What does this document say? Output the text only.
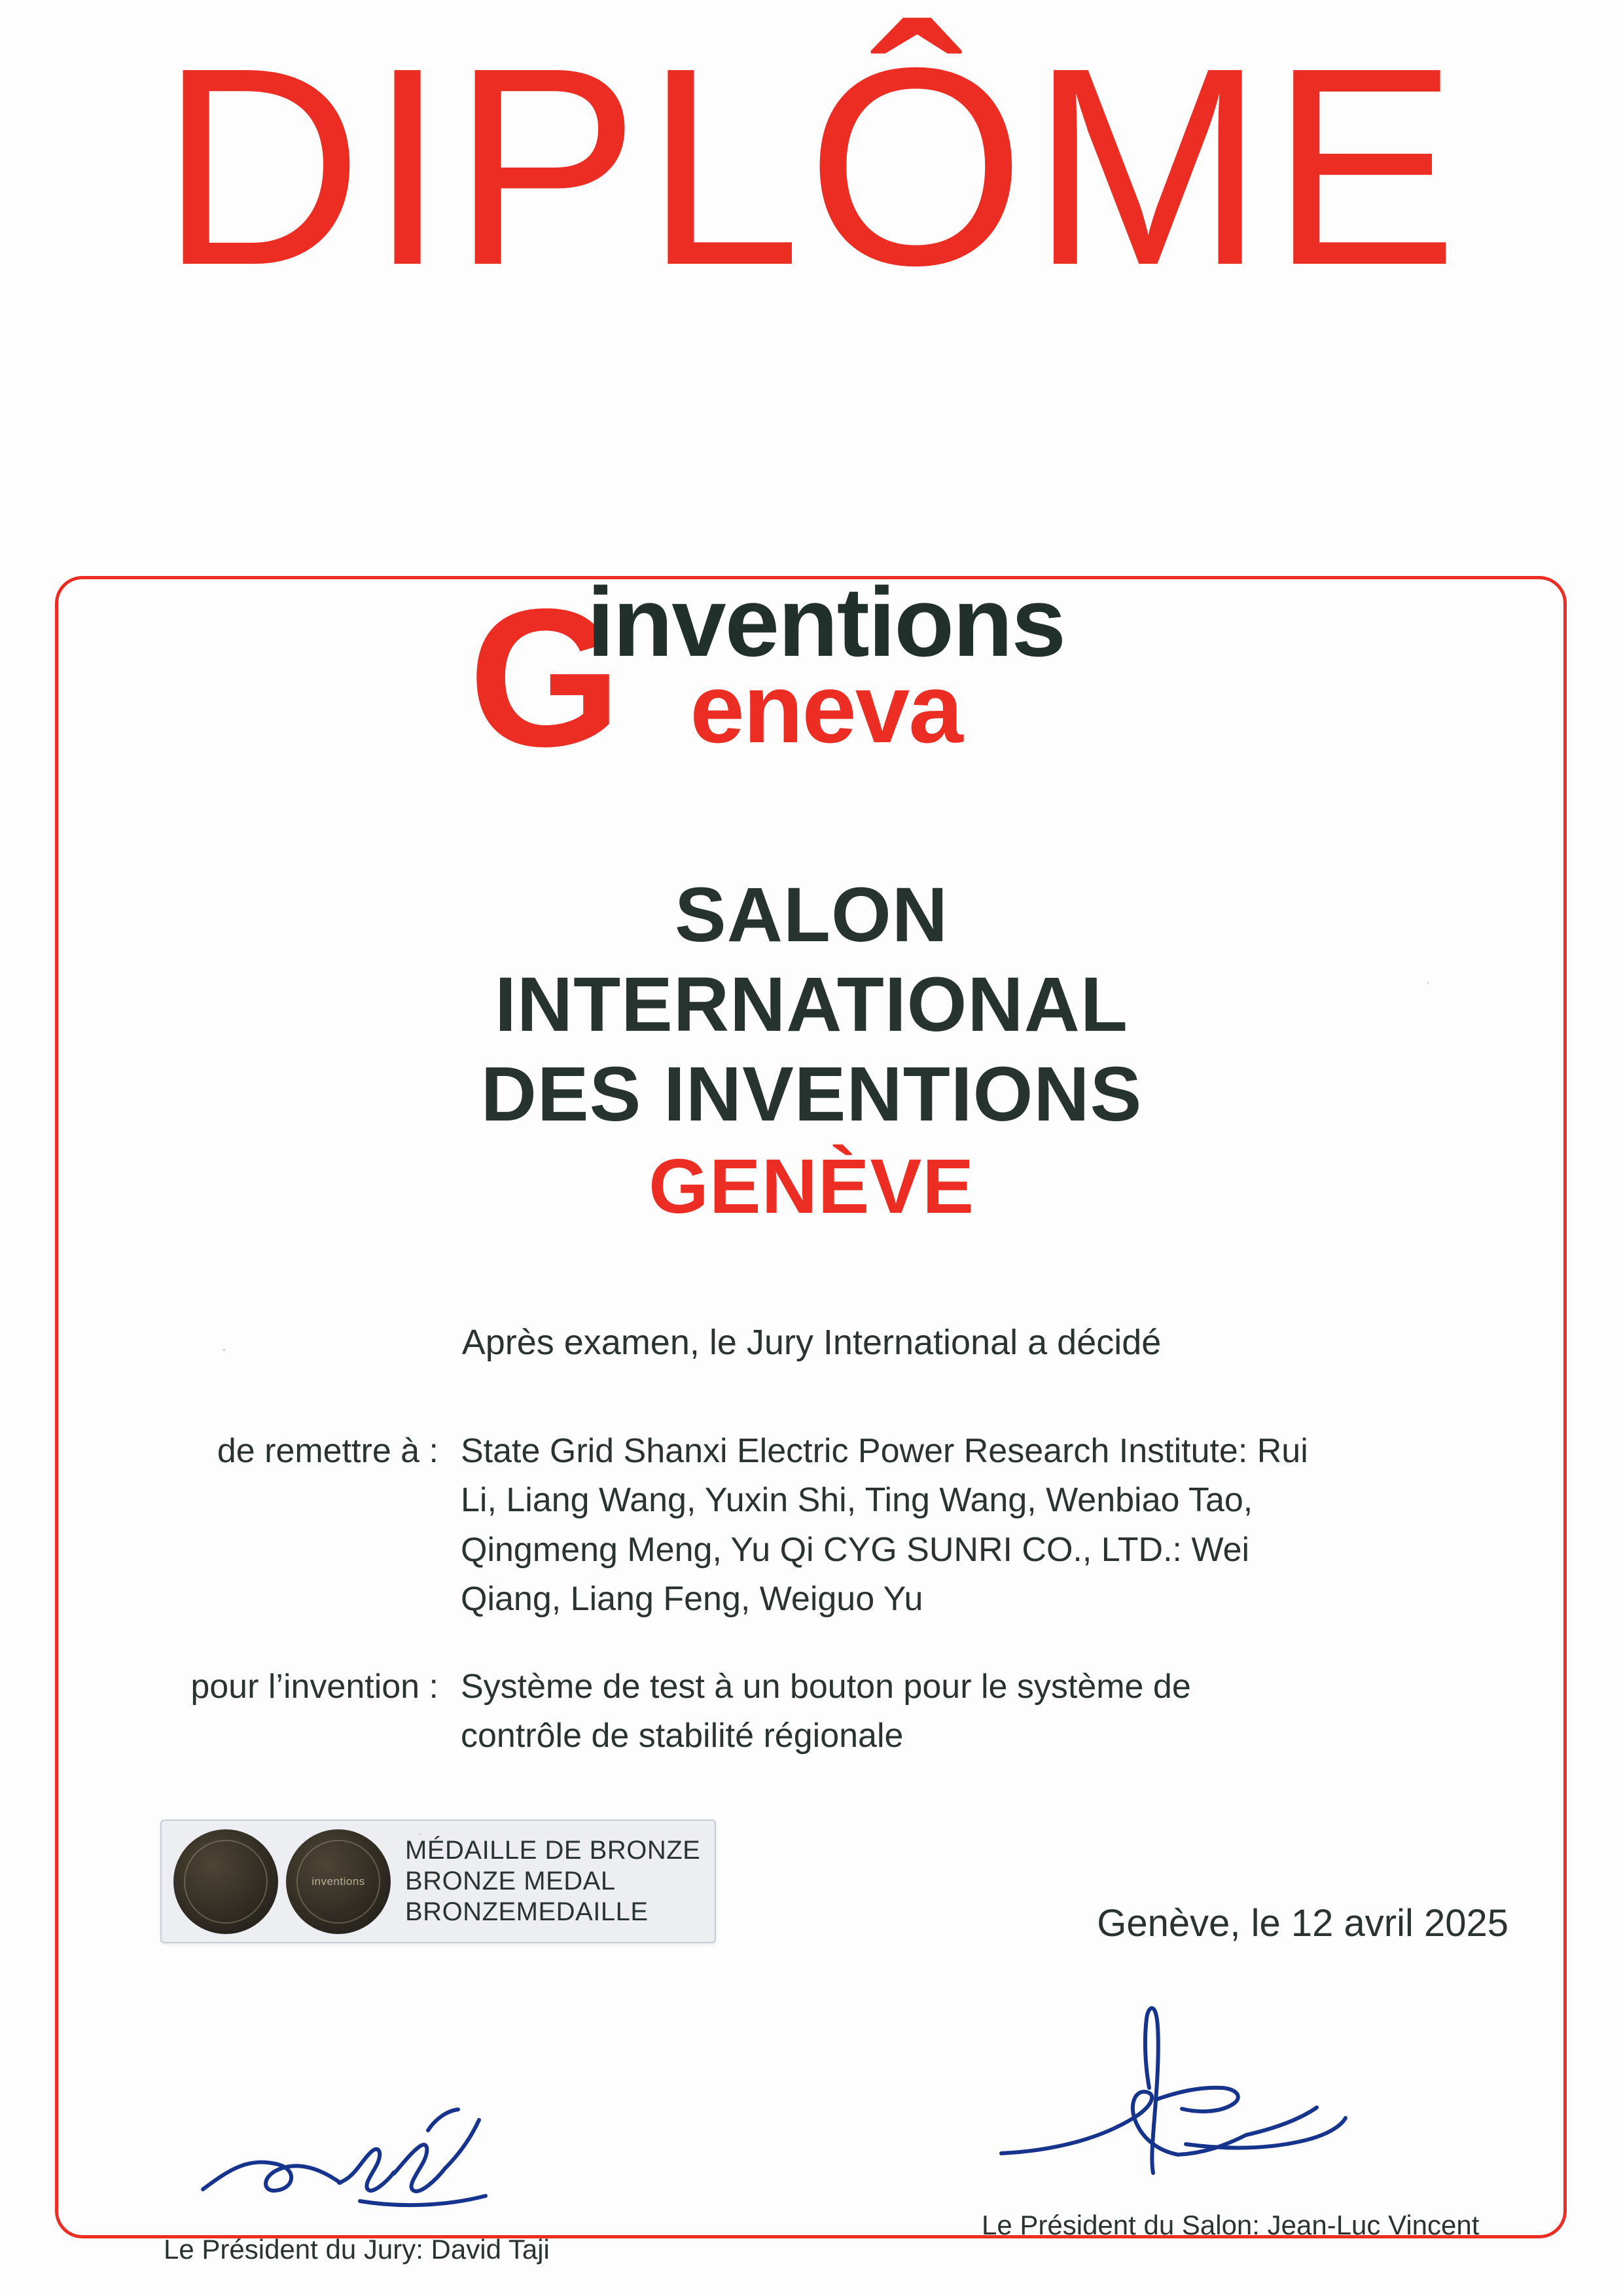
DIPLÔME
G
inventions
eneva
SALON
INTERNATIONAL
DES INVENTIONS
GENÈVE
Après examen, le Jury International a décidé
de remettre à : State Grid Shanxi Electric Power Research Institute: Rui Li, Liang Wang, Yuxin Shi, Ting Wang, Wenbiao Tao, Qingmeng Meng, Yu Qi CYG SUNRI CO., LTD.: Wei Qiang, Liang Feng, Weiguo Yu
pour l’invention : Système de test à un bouton pour le système de contrôle de stabilité régionale
inventions
MÉDAILLE DE BRONZE
BRONZE MEDAL
BRONZEMEDAILLE	Genève, le 12 avril 2025
Le Président du Jury: David Taji
Le Président du Salon: Jean-Luc Vincent
